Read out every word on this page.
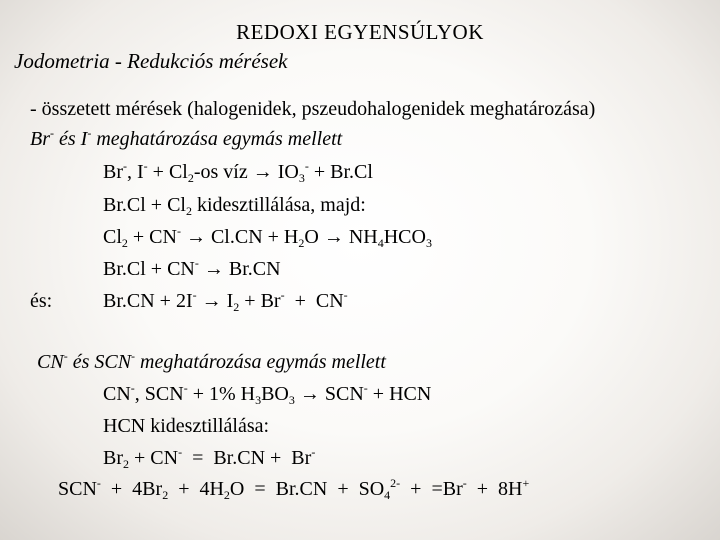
REDOXI EGYENSÚLYOK
Jodometria - Redukciós mérések
- összetett mérések (halogenidek, pszeudohalogenidek meghatározása)
Br- és I- meghatározása egymás mellett
Br-, $I^- + Cl_2-os$ víz → $IO_3^- + Br.Cl$
$Br.Cl + Cl_2$ kidesztillálása, majd:
$Cl_2 + CN^- \to Cl.CN + H_2O \to NH_4HCO_3$
Br.Cl + CN- → Br.CN
és:	$Br.CN + 2I^- \to I_2 + Br^- + CN^-$
CN- és SCN- meghatározása egymás mellett
CN-, SCN- + 1% $H_3BO_3 \to SCN^-$ + HCN
HCN kidesztillálása:
$Br_2 + CN^- = Br.CN + Br^-$
$SCN^- + 4Br_2 + 4H_2O = Br.CN + SO_4^{2-} + =Br^- + 8H^+$
